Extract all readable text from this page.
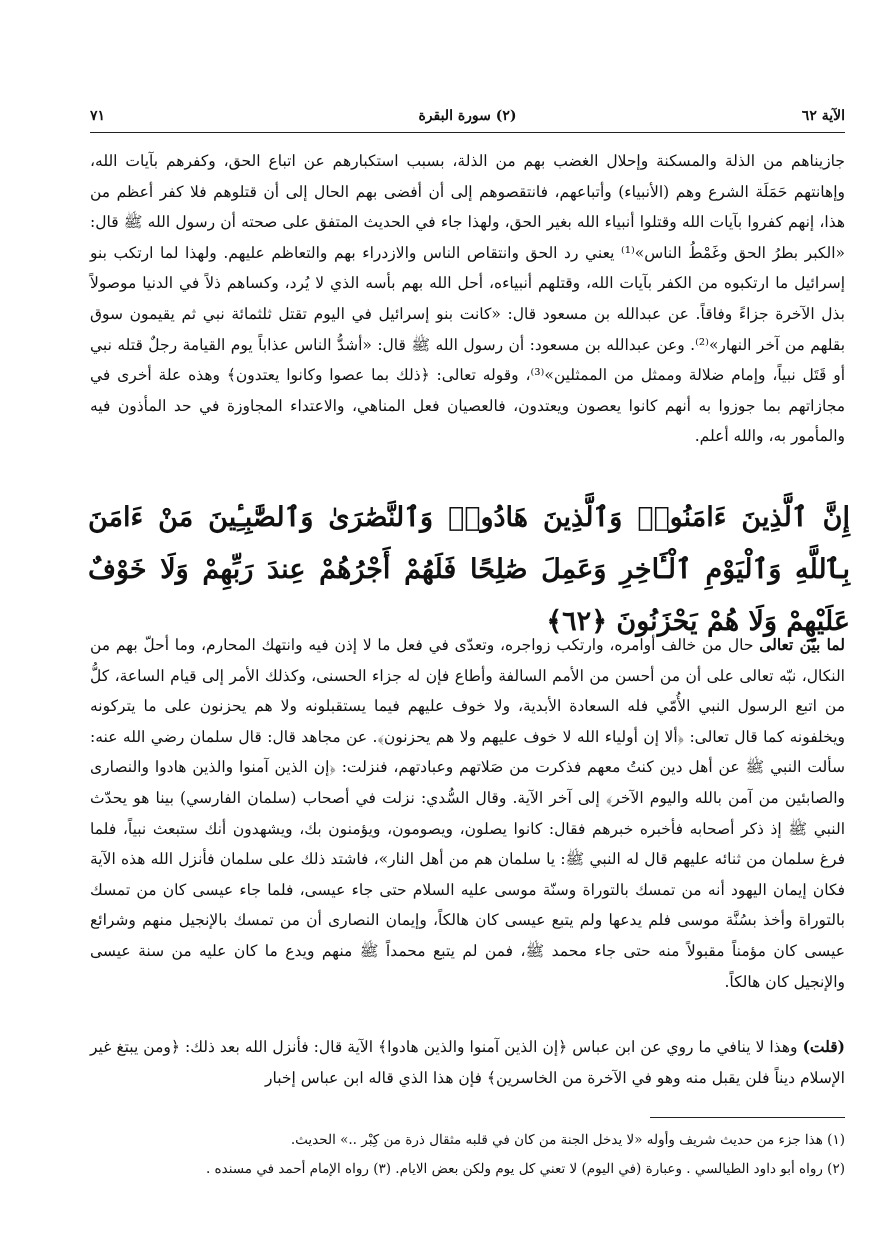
الآية ٦٢
(٢) سورة البقرة
٧١
جازيناهم من الذلة والمسكنة وإحلال الغضب بهم من الذلة، بسبب استكبارهم عن اتباع الحق، وكفرهم بآيات الله، وإهانتهم حَمَلَة الشرع وهم (الأنبياء) وأتباعهم، فانتقصوهم إلى أن أفضى بهم الحال إلى أن قتلوهم فلا كفر أعظم من هذا، إنهم كفروا بآيات الله وقتلوا أنبياء الله بغير الحق، ولهذا جاء في الحديث المتفق على صحته أن رسول الله ﷺ قال: «الكبر بطرُ الحق وغَمْطُ الناس»⁽¹⁾ يعني رد الحق وانتقاص الناس والازدراء بهم والتعاظم عليهم. ولهذا لما ارتكب بنو إسرائيل ما ارتكبوه من الكفر بآيات الله، وقتلهم أنبياءه، أحل الله بهم بأسه الذي لا يُرد، وكساهم ذلاً في الدنيا موصولاً بذل الآخرة جزاءً وفاقاً. عن عبدالله بن مسعود قال: «كانت بنو إسرائيل في اليوم تقتل ثلثمائة نبي ثم يقيمون سوق بقلهم من آخر النهار»⁽²⁾. وعن عبدالله بن مسعود: أن رسول الله ﷺ قال: «أشدُّ الناس عذاباً يوم القيامة رجلٌ قتله نبي أو قَتَل نبياً، وإمام ضلالة وممثل من الممثلين»⁽³⁾، وقوله تعالى: ﴿ذلك بما عصوا وكانوا يعتدون﴾ وهذه علة أخرى في مجازاتهم بما جوزوا به أنهم كانوا يعصون ويعتدون، فالعصيان فعل المناهي، والاعتداء المجاوزة في حد المأذون فيه والمأمور به، والله أعلم.
إِنَّ ٱلَّذِينَ ءَامَنُوا۟ وَٱلَّذِينَ هَادُوا۟ وَٱلنَّصَٰرَىٰ وَٱلصَّٰبِـِٔينَ مَنْ ءَامَنَ بِٱللَّهِ وَٱلْيَوْمِ ٱلْـَٔاخِرِ وَعَمِلَ صَٰلِحًا فَلَهُمْ أَجْرُهُمْ عِندَ رَبِّهِمْ وَلَا خَوْفٌ عَلَيْهِمْ وَلَا هُمْ يَحْزَنُونَ ﴿٦٢﴾
لما بيّن تعالى حال من خالف أوامره، وارتكب زواجره، وتعدّى في فعل ما لا إذن فيه وانتهك المحارم، وما أحلّ بهم من النكال، نبّه تعالى على أن من أحسن من الأمم السالفة وأطاع فإن له جزاء الحسنى، وكذلك الأمر إلى قيام الساعة، كلُّ من اتبع الرسول النبي الأُمّي فله السعادة الأبدية، ولا خوف عليهم فيما يستقبلونه ولا هم يحزنون على ما يتركونه ويخلفونه كما قال تعالى: ﴿ألا إن أولياء الله لا خوف عليهم ولا هم يحزنون﴾. عن مجاهد قال: قال سلمان رضي الله عنه: سألت النبي ﷺ عن أهل دين كنتُ معهم فذكرت من صَلاتهم وعبادتهم، فنزلت: ﴿إن الذين آمنوا والذين هادوا والنصارى والصابئين من آمن بالله واليوم الآخر﴾ إلى آخر الآية. وقال السُّدي: نزلت في أصحاب (سلمان الفارسي) بينا هو يحدّث النبي ﷺ إذ ذكر أصحابه فأخبره خبرهم فقال: كانوا يصلون، ويصومون، ويؤمنون بك، ويشهدون أنك ستبعث نبياً، فلما فرغ سلمان من ثنائه عليهم قال له النبي ﷺ: يا سلمان هم من أهل النار»، فاشتد ذلك على سلمان فأنزل الله هذه الآية فكان إيمان اليهود أنه من تمسك بالتوراة وسنّة موسى عليه السلام حتى جاء عيسى، فلما جاء عيسى كان من تمسك بالتوراة وأخذ بسُنَّة موسى فلم يدعها ولم يتبع عيسى كان هالكاً، وإيمان النصارى أن من تمسك بالإنجيل منهم وشرائع عيسى كان مؤمناً مقبولاً منه حتى جاء محمد ﷺ، فمن لم يتبع محمداً ﷺ منهم ويدع ما كان عليه من سنة عيسى والإنجيل كان هالكاً.
(قلت) وهذا لا ينافي ما روي عن ابن عباس ﴿إن الذين آمنوا والذين هادوا﴾ الآية قال: فأنزل الله بعد ذلك: ﴿ومن يبتغ غير الإسلام ديناً فلن يقبل منه وهو في الآخرة من الخاسرين﴾ فإن هذا الذي قاله ابن عباس إخبار
(١) هذا جزء من حديث شريف وأوله «لا يدخل الجنة من كان في قلبه مثقال ذرة من كِبْر ..» الحديث.
(٢) رواه أبو داود الطيالسي . وعبارة (في اليوم) لا تعني كل يوم ولكن بعض الايام. (٣) رواه الإمام أحمد في مسنده .
